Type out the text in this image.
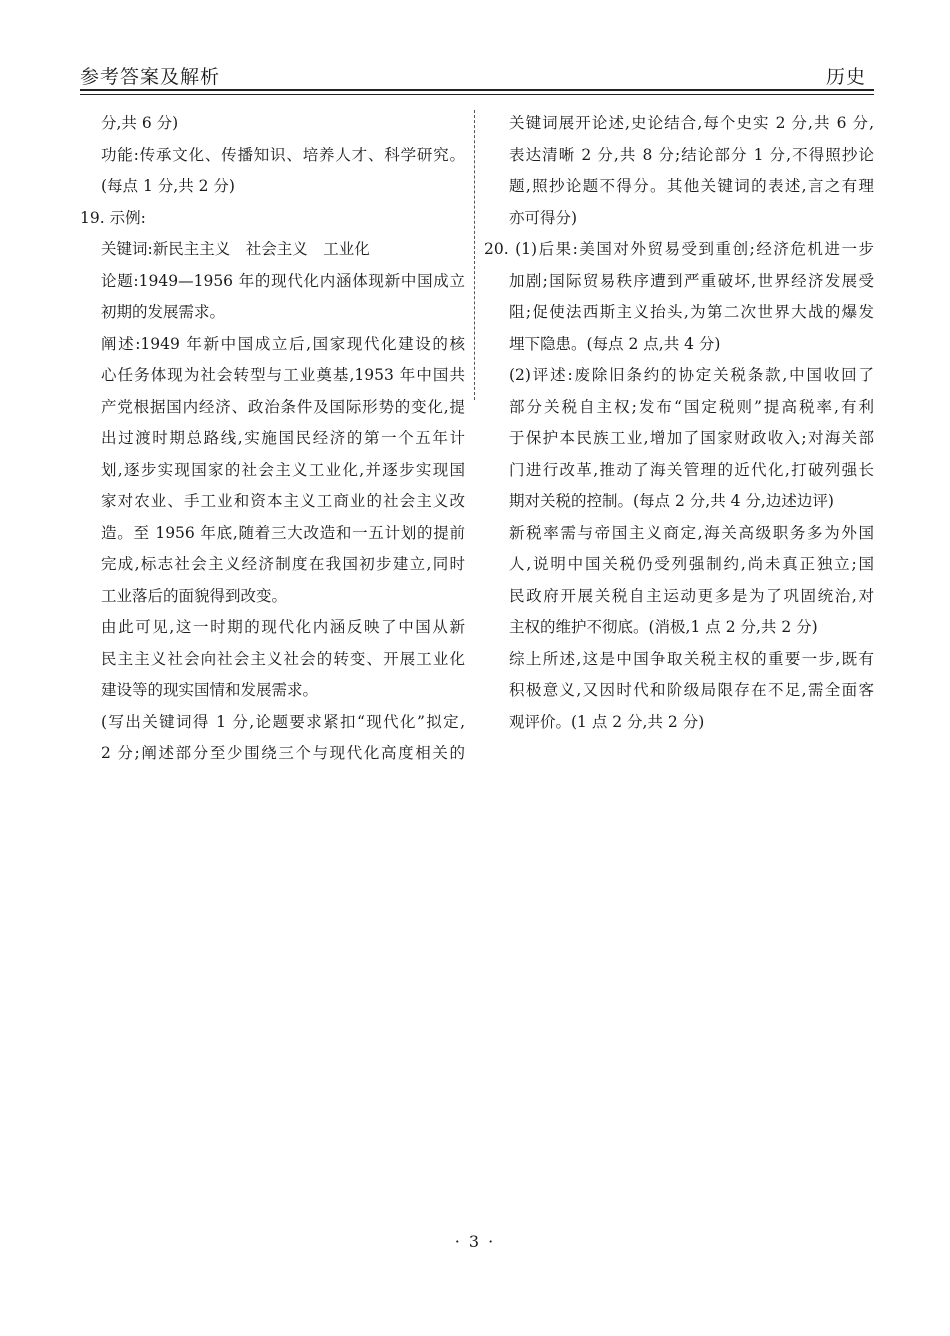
参考答案及解析	历史
分,共 6 分)
功能:传承文化、传播知识、培养人才、科学研究。
(每点 1 分,共 2 分)
19. 示例:
关键词:新民主主义　社会主义　工业化
论题:1949—1956 年的现代化内涵体现新中国成立
初期的发展需求。
阐述:1949 年新中国成立后,国家现代化建设的核
心任务体现为社会转型与工业奠基,1953 年中国共
产党根据国内经济、政治条件及国际形势的变化,提
出过渡时期总路线,实施国民经济的第一个五年计
划,逐步实现国家的社会主义工业化,并逐步实现国
家对农业、手工业和资本主义工商业的社会主义改
造。至 1956 年底,随着三大改造和一五计划的提前
完成,标志社会主义经济制度在我国初步建立,同时
工业落后的面貌得到改变。
由此可见,这一时期的现代化内涵反映了中国从新
民主主义社会向社会主义社会的转变、开展工业化
建设等的现实国情和发展需求。
(写出关键词得 1 分,论题要求紧扣“现代化”拟定,
2 分;阐述部分至少围绕三个与现代化高度相关的
关键词展开论述,史论结合,每个史实 2 分,共 6 分,
表达清晰 2 分,共 8 分;结论部分 1 分,不得照抄论
题,照抄论题不得分。其他关键词的表述,言之有理
亦可得分)
20. (1)后果:美国对外贸易受到重创;经济危机进一步
加剧;国际贸易秩序遭到严重破坏,世界经济发展受
阻;促使法西斯主义抬头,为第二次世界大战的爆发
埋下隐患。(每点 2 点,共 4 分)
(2)评述:废除旧条约的协定关税条款,中国收回了
部分关税自主权;发布“国定税则”提高税率,有利
于保护本民族工业,增加了国家财政收入;对海关部
门进行改革,推动了海关管理的近代化,打破列强长
期对关税的控制。(每点 2 分,共 4 分,边述边评)
新税率需与帝国主义商定,海关高级职务多为外国
人,说明中国关税仍受列强制约,尚未真正独立;国
民政府开展关税自主运动更多是为了巩固统治,对
主权的维护不彻底。(消极,1 点 2 分,共 2 分)
综上所述,这是中国争取关税主权的重要一步,既有
积极意义,又因时代和阶级局限存在不足,需全面客
观评价。(1 点 2 分,共 2 分)
· 3 ·
